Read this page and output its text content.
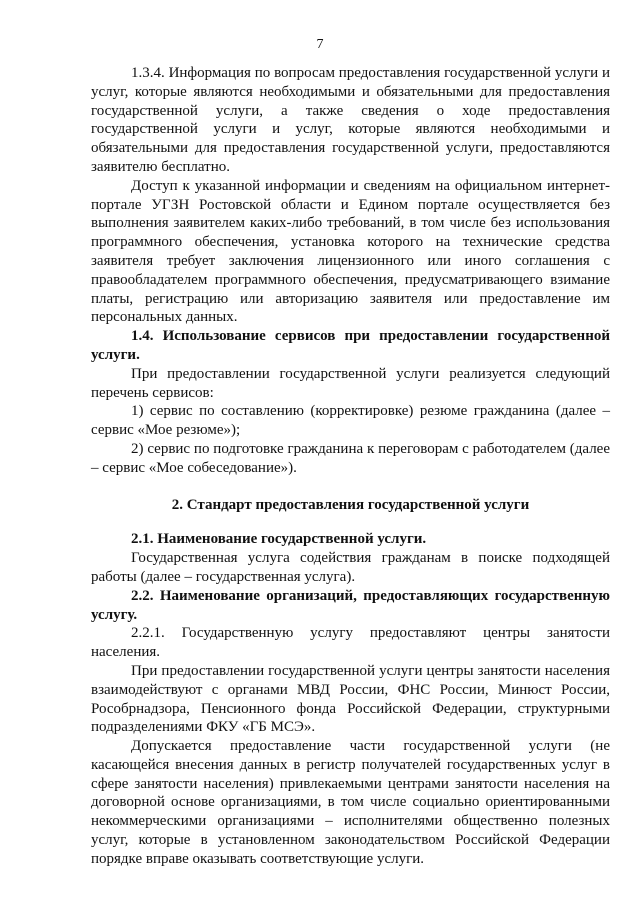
7

1.3.4. Информация по вопросам предоставления государственной услуги и услуг, которые являются необходимыми и обязательными для предоставления государственной услуги, а также сведения о ходе предоставления государственной услуги и услуг, которые являются необходимыми и обязательными для предоставления государственной услуги, предоставляются заявителю бесплатно.

Доступ к указанной информации и сведениям на официальном интернет-портале УГЗН Ростовской области и Едином портале осуществляется без выполнения заявителем каких-либо требований, в том числе без использования программного обеспечения, установка которого на технические средства заявителя требует заключения лицензионного или иного соглашения с правообладателем программного обеспечения, предусматривающего взимание платы, регистрацию или авторизацию заявителя или предоставление им персональных данных.

1.4. Использование сервисов при предоставлении государственной услуги.

При предоставлении государственной услуги реализуется следующий перечень сервисов:

1) сервис по составлению (корректировке) резюме гражданина (далее – сервис «Мое резюме»);

2) сервис по подготовке гражданина к переговорам с работодателем (далее – сервис «Мое собеседование»).

2. Стандарт предоставления государственной услуги

2.1. Наименование государственной услуги.

Государственная услуга содействия гражданам в поиске подходящей работы (далее – государственная услуга).

2.2. Наименование организаций, предоставляющих государственную услугу.

2.2.1. Государственную услугу предоставляют центры занятости населения.

При предоставлении государственной услуги центры занятости населения взаимодействуют с органами МВД России, ФНС России, Минюст России, Рособрнадзора, Пенсионного фонда Российской Федерации, структурными подразделениями ФКУ «ГБ МСЭ».

Допускается предоставление части государственной услуги (не касающейся внесения данных в регистр получателей государственных услуг в сфере занятости населения) привлекаемыми центрами занятости населения на договорной основе организациями, в том числе социально ориентированными некоммерческими организациями – исполнителями общественно полезных услуг, которые в установленном законодательством Российской Федерации порядке вправе оказывать соответствующие услуги.
